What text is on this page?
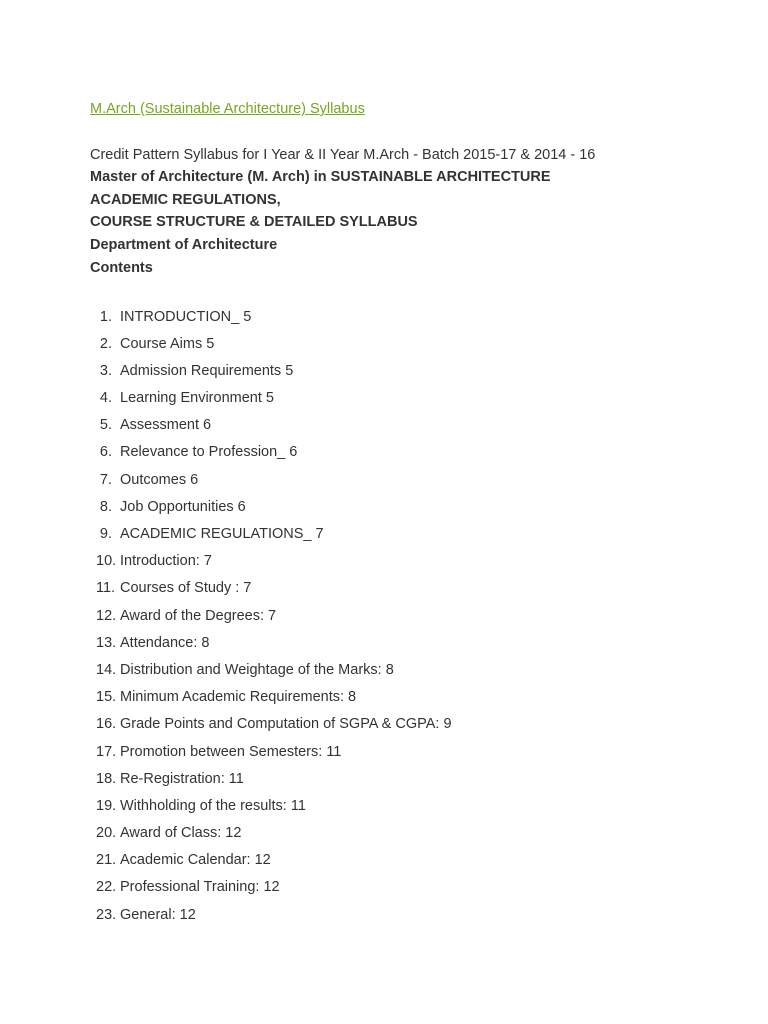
M.Arch (Sustainable Architecture) Syllabus
Credit Pattern Syllabus for I Year & II Year M.Arch - Batch 2015-17 & 2014 - 16
Master of Architecture (M. Arch) in SUSTAINABLE ARCHITECTURE
ACADEMIC REGULATIONS,
COURSE STRUCTURE & DETAILED SYLLABUS
Department of Architecture
Contents
1. INTRODUCTION_ 5
2. Course Aims 5
3. Admission Requirements 5
4. Learning Environment 5
5. Assessment 6
6. Relevance to Profession_ 6
7. Outcomes 6
8. Job Opportunities 6
9. ACADEMIC REGULATIONS_ 7
10. Introduction: 7
11. Courses of Study : 7
12. Award of the Degrees: 7
13. Attendance: 8
14. Distribution and Weightage of the Marks: 8
15. Minimum Academic Requirements: 8
16. Grade Points and Computation of SGPA & CGPA: 9
17. Promotion between Semesters: 11
18. Re-Registration: 11
19. Withholding of the results: 11
20. Award of Class: 12
21. Academic Calendar: 12
22. Professional Training: 12
23. General: 12
